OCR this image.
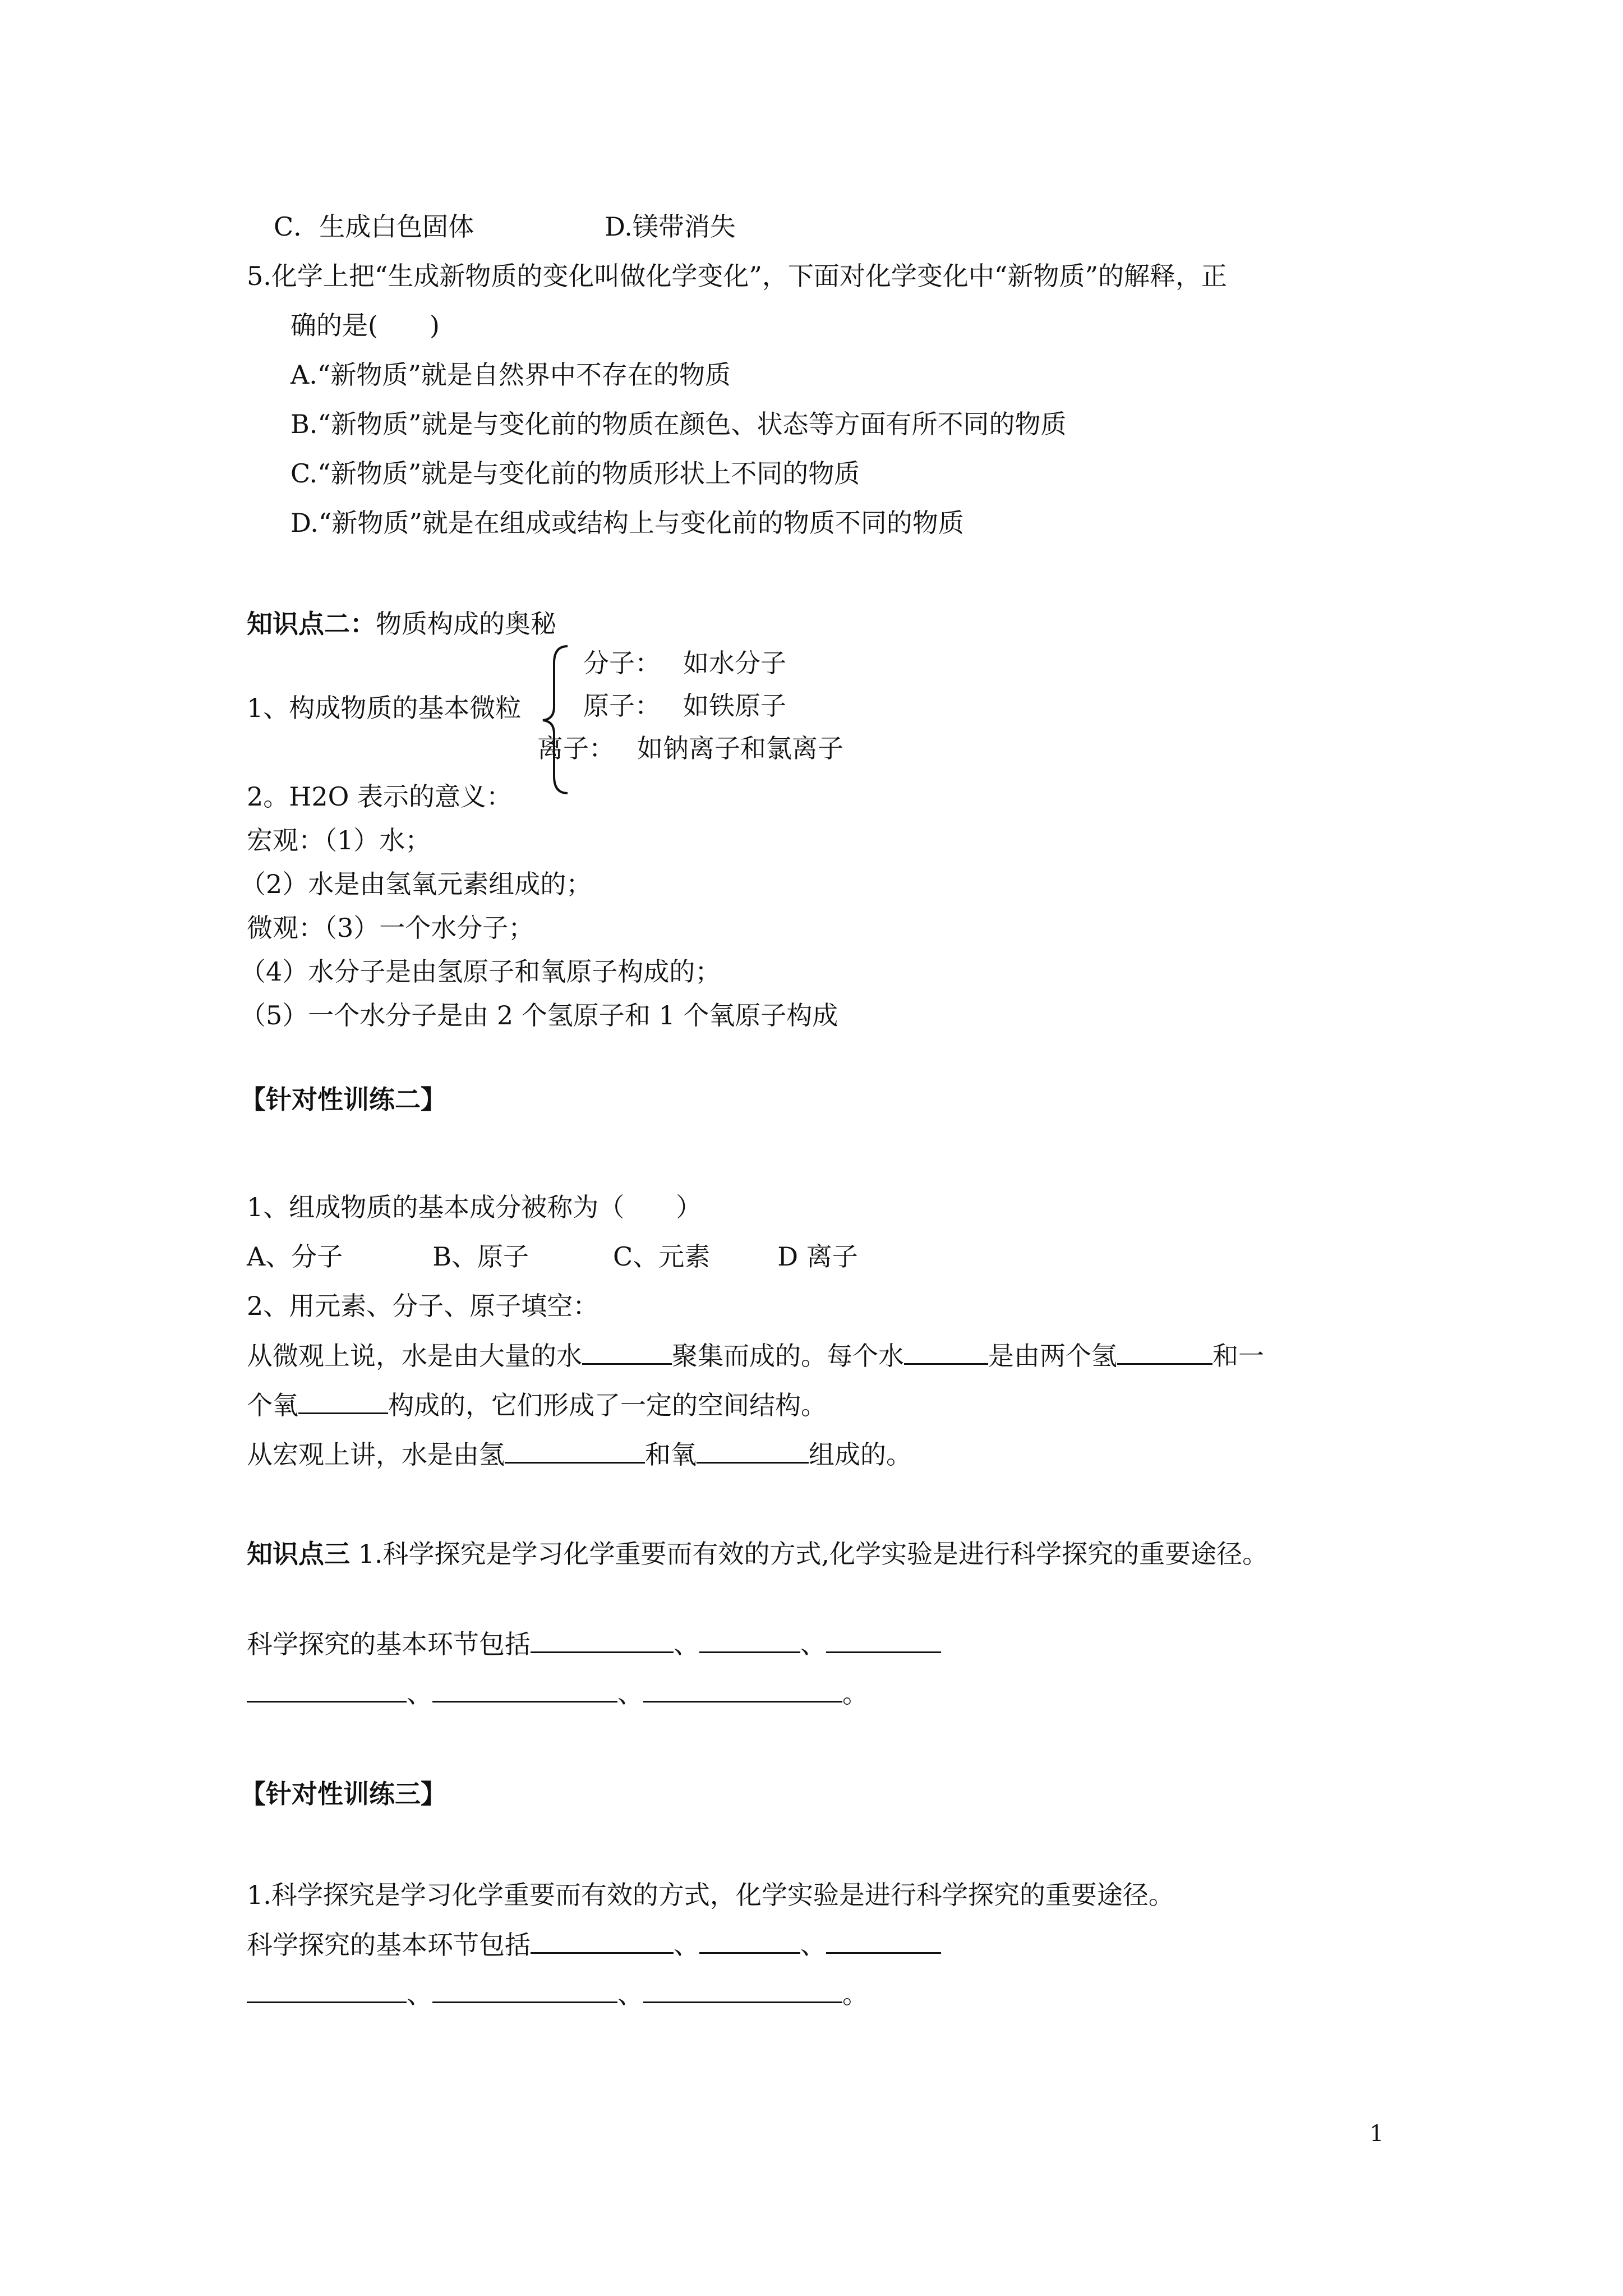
C．生成白色固体	D.镁带消失
5.化学上把“生成新物质的变化叫做化学变化”，下面对化学变化中“新物质”的解释，正
确的是(　　)
A.“新物质”就是自然界中不存在的物质
B.“新物质”就是与变化前的物质在颜色、状态等方面有所不同的物质
C.“新物质”就是与变化前的物质形状上不同的物质
D.“新物质”就是在组成或结构上与变化前的物质不同的物质
知识点二：物质构成的奥秘
1、构成物质的基本微粒
分子： 如水分子
原子： 如铁原子
离子： 如钠离子和氯离子
2。H2O 表示的意义：
宏观：（1）水；
（2）水是由氢氧元素组成的；
微观：（3）一个水分子；
（4）水分子是由氢原子和氧原子构成的；
（5）一个水分子是由 2 个氢原子和 1 个氧原子构成
【针对性训练二】
1、组成物质的基本成分被称为（　　）
A、分子	B、原子	C、元素	D 离子
2、用元素、分子、原子填空：
从微观上说，水是由大量的水	聚集而成的。每个水	是由两个氢	和一
个氧	构成的，它们形成了一定的空间结构。
从宏观上讲，水是由氢	和氧	组成的。
知识点三 1.科学探究是学习化学重要而有效的方式,化学实验是进行科学探究的重要途径。
科学探究的基本环节包括	、	、
、	、	。
【针对性训练三】
1.科学探究是学习化学重要而有效的方式，化学实验是进行科学探究的重要途径。
科学探究的基本环节包括	、	、
、	、	。
1
